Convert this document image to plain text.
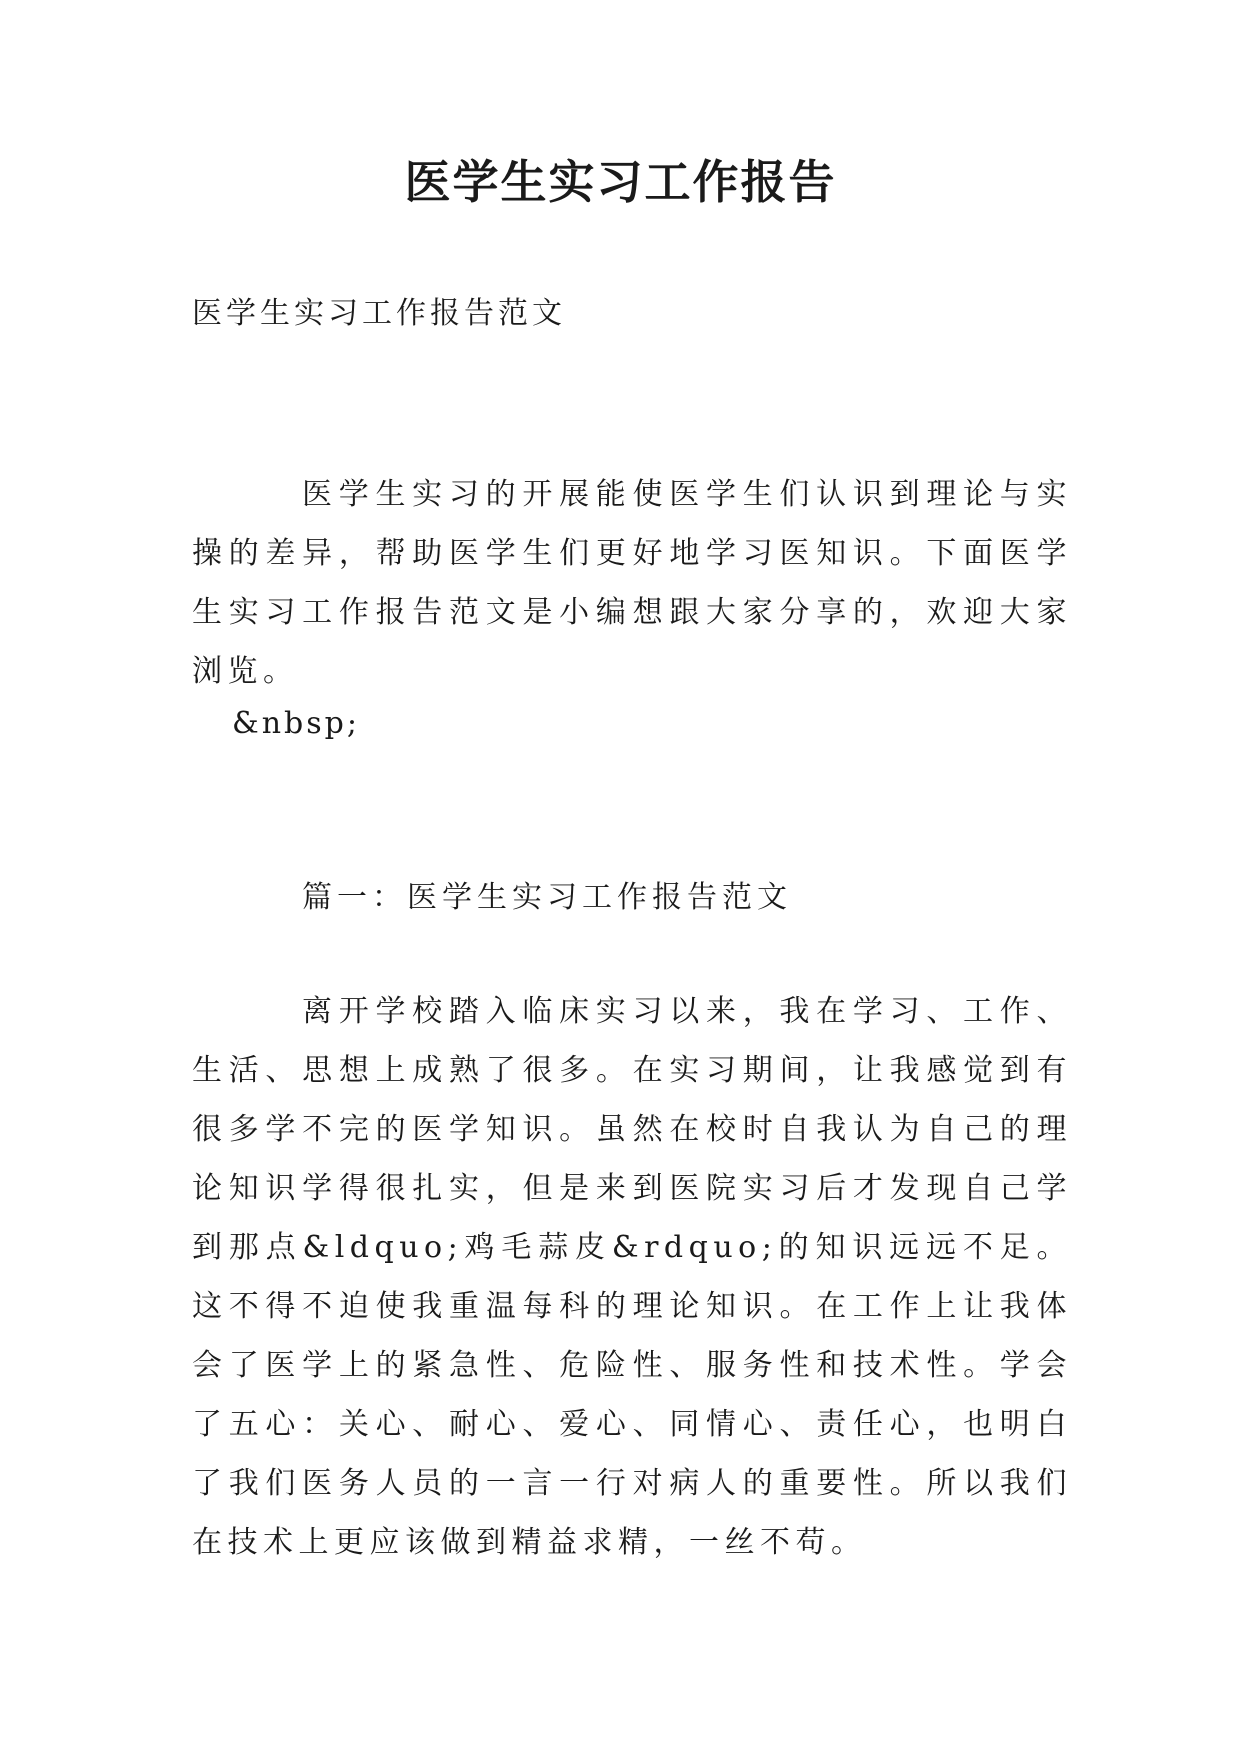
医学生实习工作报告
医学生实习工作报告范文
医学生实习的开展能使医学生们认识到理论与实操的差异，帮助医学生们更好地学习医知识。下面医学生实习工作报告范文是小编想跟大家分享的，欢迎大家浏览。
&nbsp;
篇一：医学生实习工作报告范文
离开学校踏入临床实习以来，我在学习、工作、生活、思想上成熟了很多。在实习期间，让我感觉到有很多学不完的医学知识。虽然在校时自我认为自己的理论知识学得很扎实，但是来到医院实习后才发现自己学到那点&ldquo;鸡毛蒜皮&rdquo;的知识远远不足。这不得不迫使我重温每科的理论知识。在工作上让我体会了医学上的紧急性、危险性、服务性和技术性。学会了五心：关心、耐心、爱心、同情心、责任心，也明白了我们医务人员的一言一行对病人的重要性。所以我们在技术上更应该做到精益求精，一丝不苟。
